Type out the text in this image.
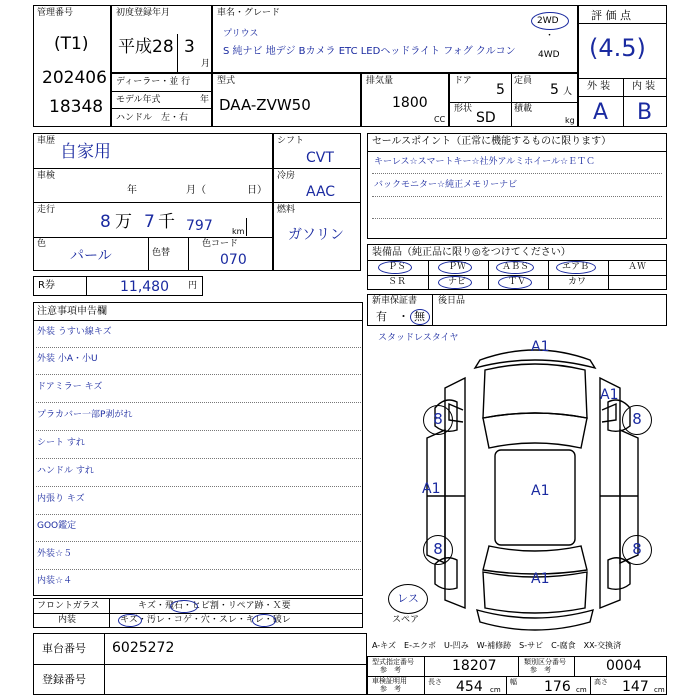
管理番号
(T1)
202406
18348
初度登録年月
平成 28 3
月
車名・グレード
プリウス
S 純ナビ 地デジ Bカメラ ETC LEDヘッドライト フォグ クルコン
2WD
・
4WD
評 価 点
(4.5)
外 装 内 装
A B
ディーラー・並 行
モデル年式	年
ハンドル　左・右
型式
DAA-ZVW50
排気量
1800
CC
ドア
5
定員
5 人
形状
SD
積載
kg
車歴
自家用
車検
年	月（	日）
走行
8 万 7 千 797 km
色
パール	色替
色コード
070
シフト
CVT
冷房
AAC
燃料
ガソリン
セールスポイント（正常に機能するものに限ります）
キーレス☆スマートキー☆社外アルミホイール☆ＥＴＣ
バックモニター☆純正メモリーナビ
装備品（純正品に限り◎をつけてください）
ＰＳ	ＰＷ	ＡＢＳ	エアＢ	ＡＷ
ＳＲ	ナビ	ＴＶ	カワ
新車保証書 後日品
有 ・ 無
R券	11,480 円
注意事項申告欄
外装 うすい線キズ
外装 小A・小U
ドアミラー キズ
プラカバー一部P剥がれ
シート すれ
ハンドル すれ
内張り キズ
GOO鑑定
外装☆５
内装☆４
フロントガラス	キズ・飛石・ヒビ割・リペア跡・Ｘ要
内装	キズ・汚レ・コゲ・穴・スレ・キレ・破レ
車台番号 6025272
登録番号
A-キズ　E-エクボ　U-凹み　W-補修跡　S-サビ　C-腐食　XX-交換済
型式指定番号
参　考	18207	類別区分番号
参　考	0004
車検証明用
参　考
長さ 454 cm
幅 176 cm
高さ 147 cm
スタッドレスタイヤ
A1
A1
A1	A1
A1
8	8
8	8
レス
スペア
